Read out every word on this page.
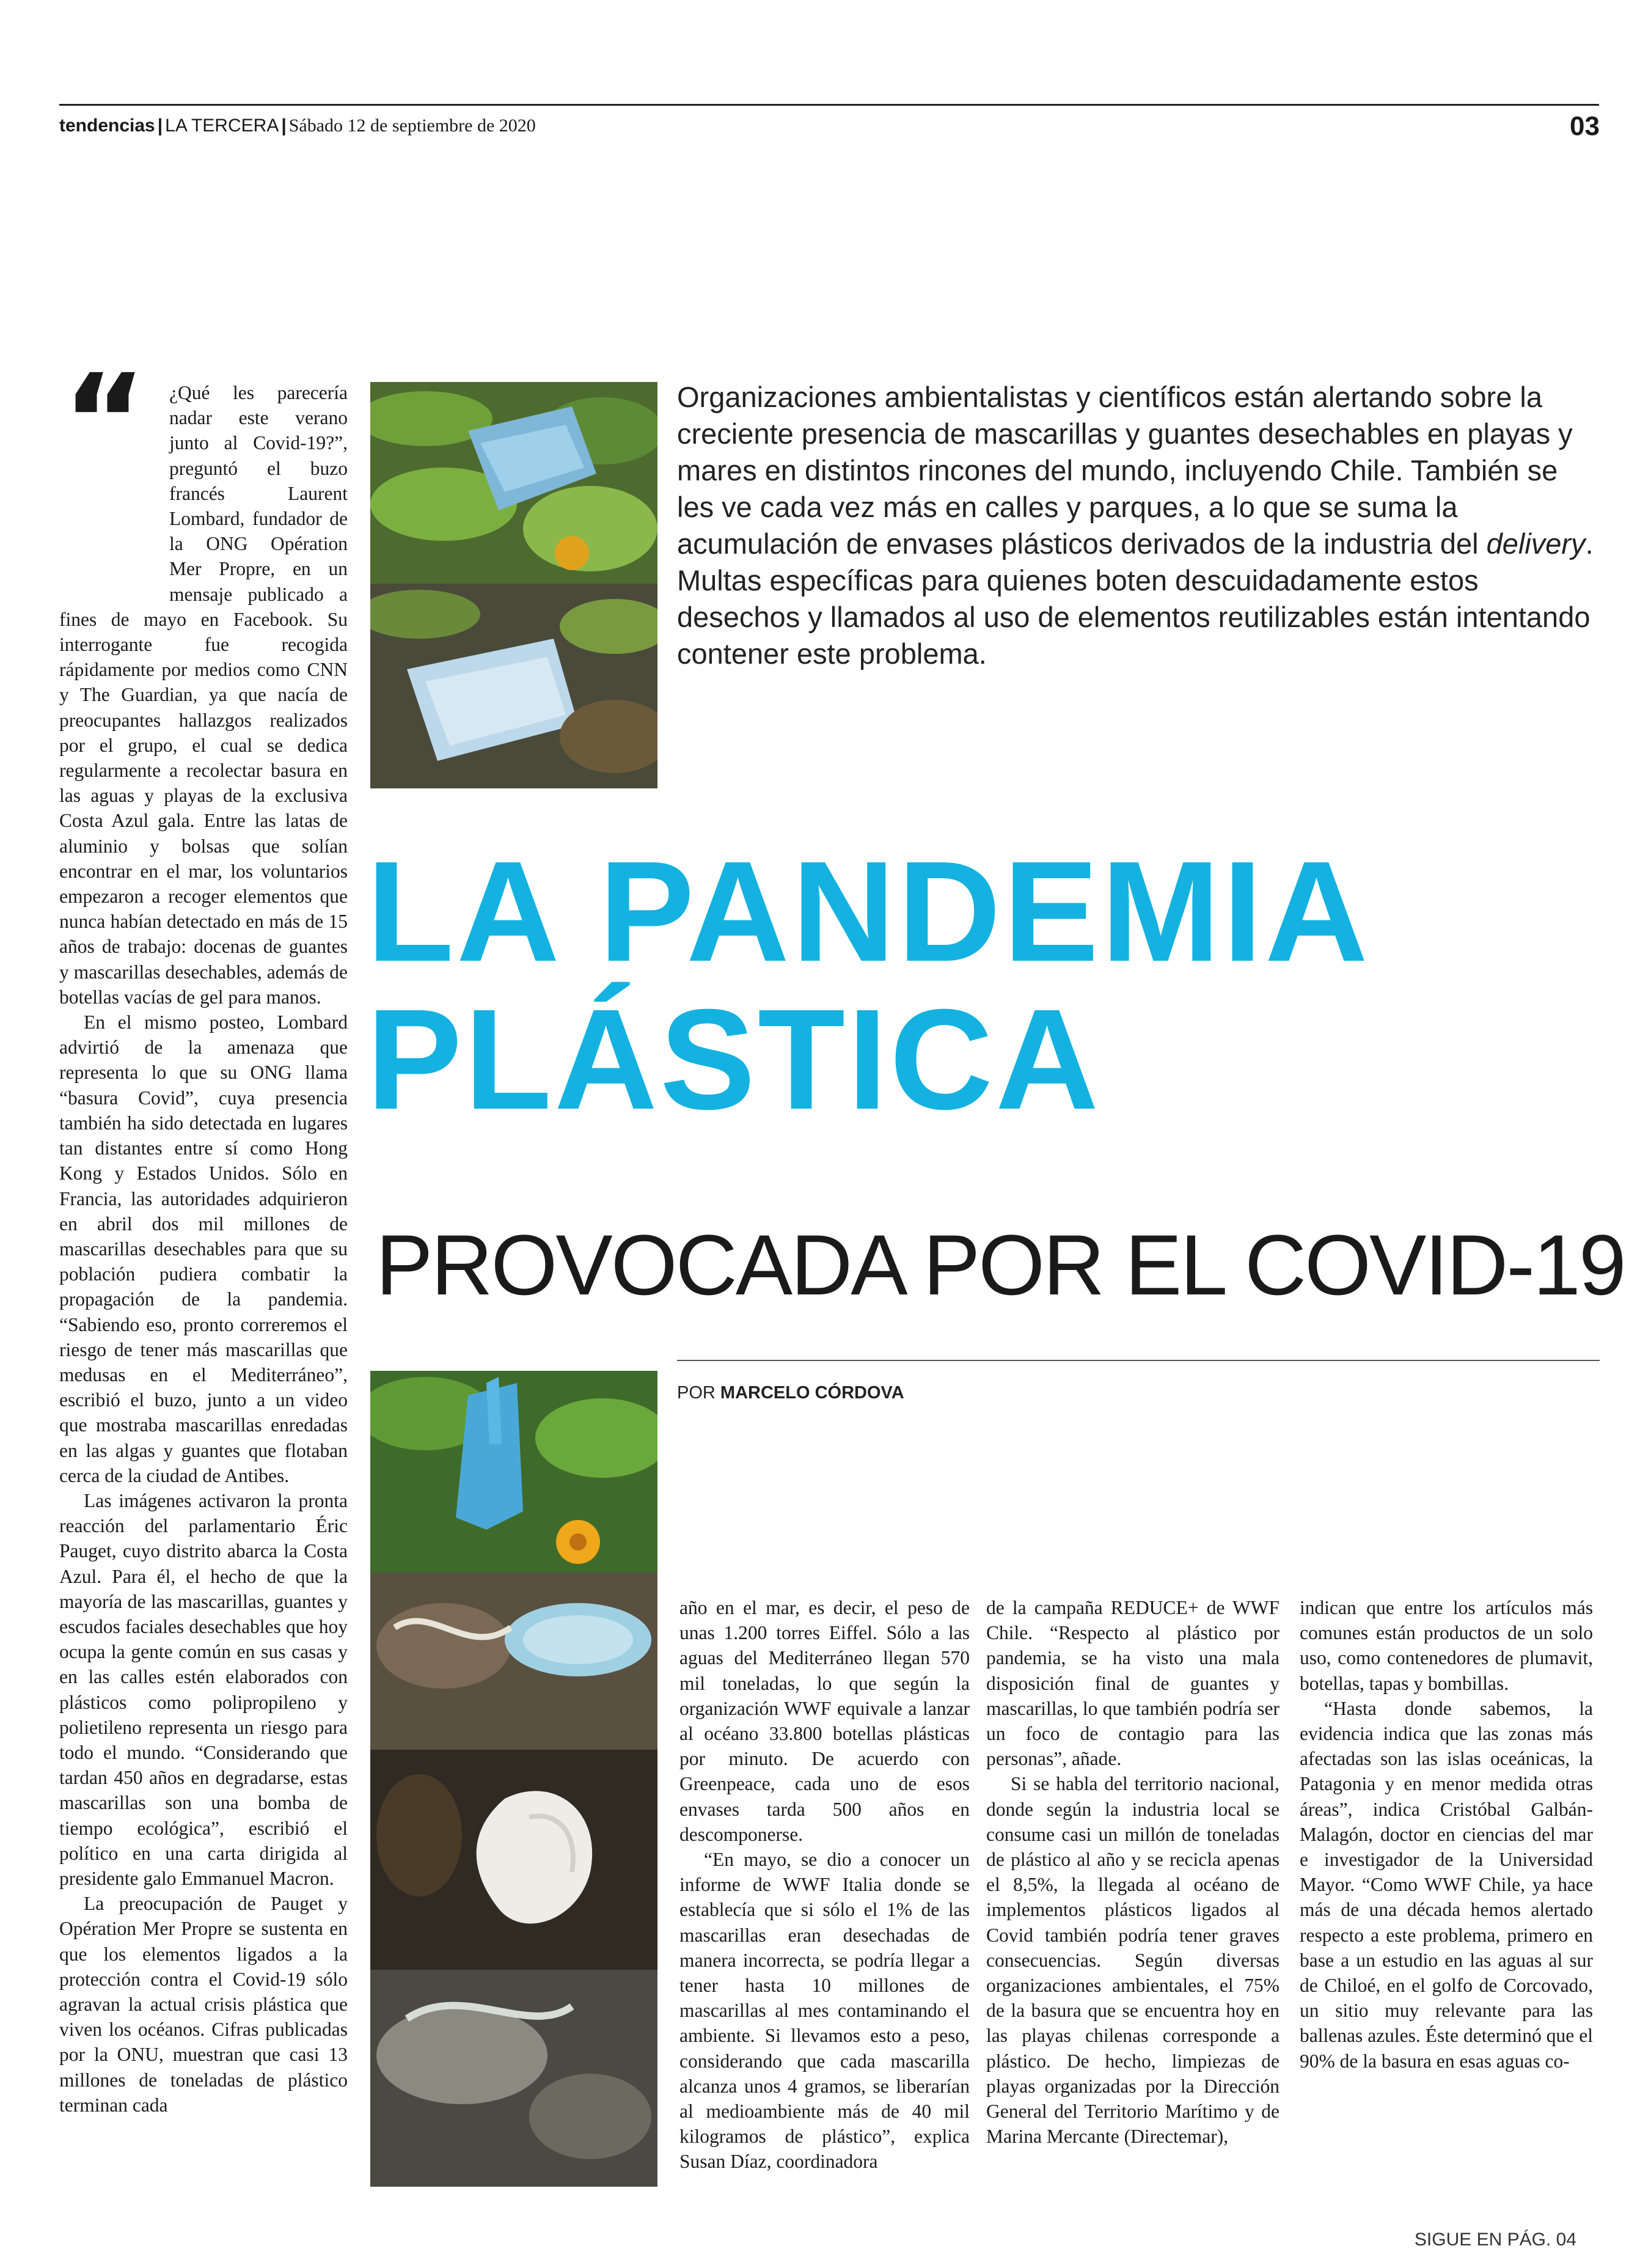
tendencias | LA TERCERA | Sábado 12 de septiembre de 2020	03
“	¿Qué les parecería nadar este verano junto al Covid-19?”, preguntó el buzo francés Laurent Lombard, fundador de la ONG Opération Mer Propre, en un mensaje publicado a fines de mayo en Facebook. Su interrogante fue recogida rápidamente por medios como CNN y The Guardian, ya que nacía de preocupantes hallazgos realizados por el grupo, el cual se dedica regularmente a recolectar basura en las aguas y playas de la exclusiva Costa Azul gala. Entre las latas de aluminio y bolsas que solían encontrar en el mar, los voluntarios empezaron a recoger elementos que nunca habían detectado en más de 15 años de trabajo: docenas de guantes y mascarillas desechables, además de botellas vacías de gel para manos.

En el mismo posteo, Lombard advirtió de la amenaza que representa lo que su ONG llama “basura Covid”, cuya presencia también ha sido detectada en lugares tan distantes entre sí como Hong Kong y Estados Unidos. Sólo en Francia, las autoridades adquirieron en abril dos mil millones de mascarillas desechables para que su población pudiera combatir la propagación de la pandemia. “Sabiendo eso, pronto correremos el riesgo de tener más mascarillas que medusas en el Mediterráneo”, escribió el buzo, junto a un video que mostraba mascarillas enredadas en las algas y guantes que flotaban cerca de la ciudad de Antibes.

Las imágenes activaron la pronta reacción del parlamentario Éric Pauget, cuyo distrito abarca la Costa Azul. Para él, el hecho de que la mayoría de las mascarillas, guantes y escudos faciales desechables que hoy ocupa la gente común en sus casas y en las calles estén elaborados con plásticos como polipropileno y polietileno representa un riesgo para todo el mundo. “Considerando que tardan 450 años en degradarse, estas mascarillas son una bomba de tiempo ecológica”, escribió el político en una carta dirigida al presidente galo Emmanuel Macron.

La preocupación de Pauget y Opération Mer Propre se sustenta en que los elementos ligados a la protección contra el Covid-19 sólo agravan la actual crisis plástica que viven los océanos. Cifras publicadas por la ONU, muestran que casi 13 millones de toneladas de plástico terminan cada

Organizaciones ambientalistas y científicos están alertando sobre la creciente presencia de mascarillas y guantes desechables en playas y mares en distintos rincones del mundo, incluyendo Chile. También se les ve cada vez más en calles y parques, a lo que se suma la acumulación de envases plásticos derivados de la industria del delivery. Multas específicas para quienes boten descuidadamente estos desechos y llamados al uso de elementos reutilizables están intentando contener este problema.
LA PANDEMIA
PLÁSTICA
PROVOCADA POR EL COVID-19
POR MARCELO CÓRDOVA

año en el mar, es decir, el peso de unas 1.200 torres Eiffel. Sólo a las aguas del Mediterráneo llegan 570 mil toneladas, lo que según la organización WWF equivale a lanzar al océano 33.800 botellas plásticas por minuto. De acuerdo con Greenpeace, cada uno de esos envases tarda 500 años en descomponerse.

“En mayo, se dio a conocer un informe de WWF Italia donde se establecía que si sólo el 1% de las mascarillas eran desechadas de manera incorrecta, se podría llegar a tener hasta 10 millones de mascarillas al mes contaminando el ambiente. Si llevamos esto a peso, considerando que cada mascarilla alcanza unos 4 gramos, se liberarían al medioambiente más de 40 mil kilogramos de plástico”, explica Susan Díaz, coordinadora

de la campaña REDUCE+ de WWF Chile. “Respecto al plástico por pandemia, se ha visto una mala disposición final de guantes y mascarillas, lo que también podría ser un foco de contagio para las personas”, añade.

Si se habla del territorio nacional, donde según la industria local se consume casi un millón de toneladas de plástico al año y se recicla apenas el 8,5%, la llegada al océano de implementos plásticos ligados al Covid también podría tener graves consecuencias. Según diversas organizaciones ambientales, el 75% de la basura que se encuentra hoy en las playas chilenas corresponde a plástico. De hecho, limpiezas de playas organizadas por la Dirección General del Territorio Marítimo y de Marina Mercante (Directemar),

indican que entre los artículos más comunes están productos de un solo uso, como contenedores de plumavit, botellas, tapas y bombillas.

“Hasta donde sabemos, la evidencia indica que las zonas más afectadas son las islas oceánicas, la Patagonia y en menor medida otras áreas”, indica Cristóbal Galbán-Malagón, doctor en ciencias del mar e investigador de la Universidad Mayor. “Como WWF Chile, ya hace más de una década hemos alertado respecto a este problema, primero en base a un estudio en las aguas al sur de Chiloé, en el golfo de Corcovado, un sitio muy relevante para las ballenas azules. Éste determinó que el 90% de la basura en esas aguas co-

SIGUE EN PÁG. 04
